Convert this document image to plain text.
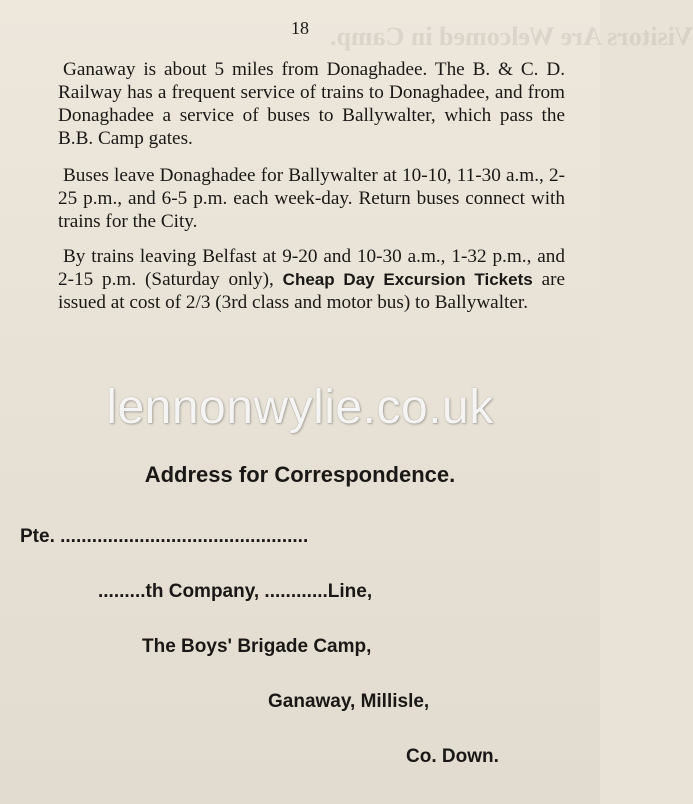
Visitors Are Welcomed in Camp.
18

Ganaway is about 5 miles from Donaghadee. The B. & C. D. Railway has a frequent service of trains to Donaghadee, and from Donaghadee a service of buses to Ballywalter, which pass the B.B. Camp gates.

Buses leave Donaghadee for Ballywalter at 10-10, 11-30 a.m., 2-25 p.m., and 6-5 p.m. each week-day. Return buses connect with trains for the City.

By trains leaving Belfast at 9-20 and 10-30 a.m., 1-32 p.m., and 2-15 p.m. (Saturday only), Cheap Day Excursion Tickets are issued at cost of 2/3 (3rd class and motor bus) to Ballywalter.

lennonwylie.co.uk
Address for Correspondence.
Pte. ...............................................
.........th Company, ............Line,
The Boys' Brigade Camp,
Ganaway, Millisle,
Co. Down.
